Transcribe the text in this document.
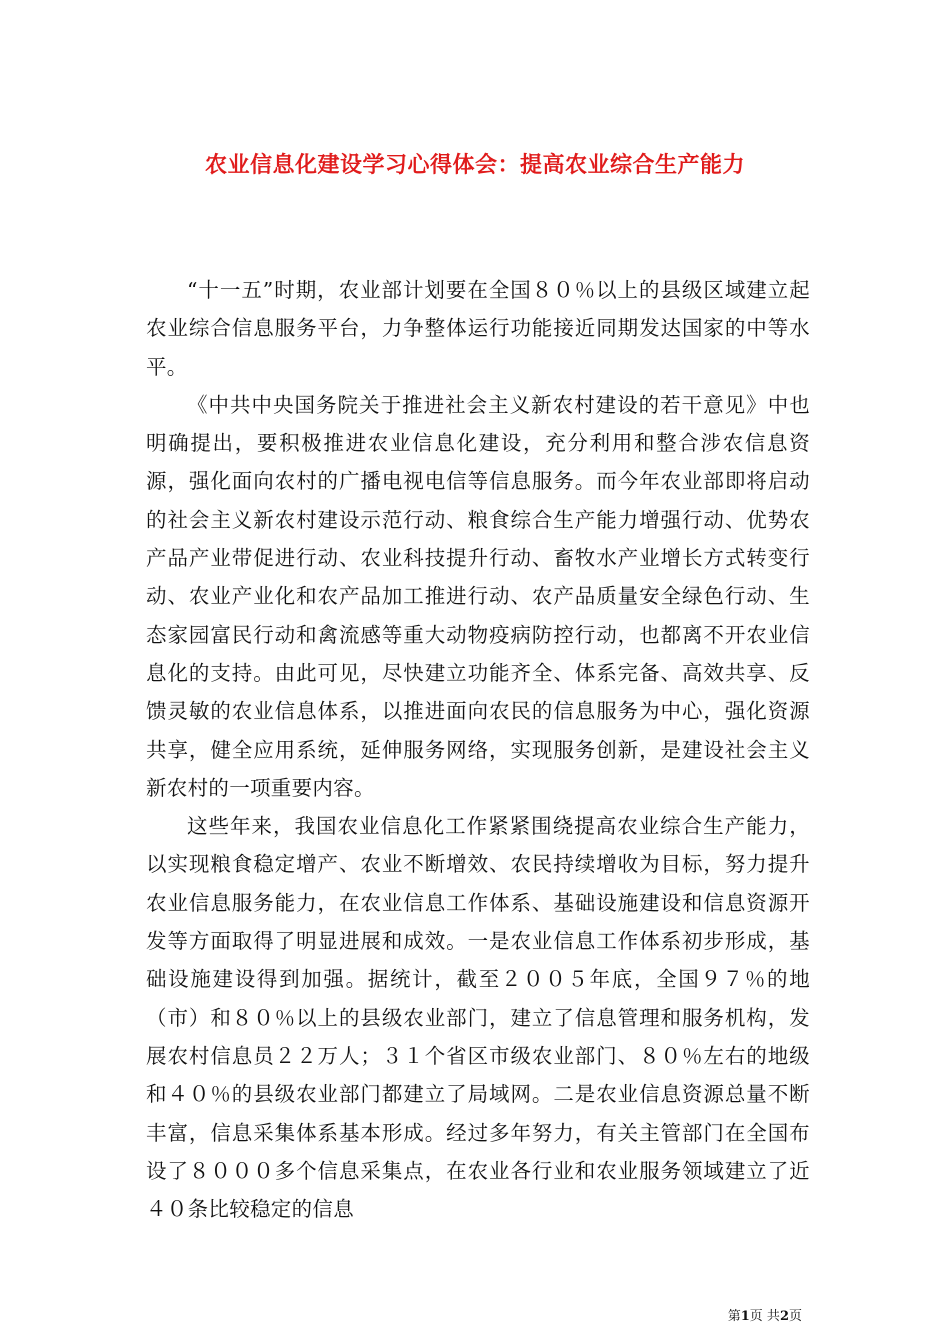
农业信息化建设学习心得体会：提高农业综合生产能力

“十一五”时期，农业部计划要在全国８０％以上的县级区域建立起农业综合信息服务平台，力争整体运行功能接近同期发达国家的中等水平。

《中共中央国务院关于推进社会主义新农村建设的若干意见》中也明确提出，要积极推进农业信息化建设，充分利用和整合涉农信息资源，强化面向农村的广播电视电信等信息服务。而今年农业部即将启动的社会主义新农村建设示范行动、粮食综合生产能力增强行动、优势农产品产业带促进行动、农业科技提升行动、畜牧水产业增长方式转变行动、农业产业化和农产品加工推进行动、农产品质量安全绿色行动、生态家园富民行动和禽流感等重大动物疫病防控行动，也都离不开农业信息化的支持。由此可见，尽快建立功能齐全、体系完备、高效共享、反馈灵敏的农业信息体系，以推进面向农民的信息服务为中心，强化资源共享，健全应用系统，延伸服务网络，实现服务创新，是建设社会主义新农村的一项重要内容。

这些年来，我国农业信息化工作紧紧围绕提高农业综合生产能力，以实现粮食稳定增产、农业不断增效、农民持续增收为目标，努力提升农业信息服务能力，在农业信息工作体系、基础设施建设和信息资源开发等方面取得了明显进展和成效。一是农业信息工作体系初步形成，基础设施建设得到加强。据统计，截至２００５年底，全国９７％的地（市）和８０％以上的县级农业部门，建立了信息管理和服务机构，发展农村信息员２２万人；３１个省区市级农业部门、８０％左右的地级和４０％的县级农业部门都建立了局域网。二是农业信息资源总量不断丰富，信息采集体系基本形成。经过多年努力，有关主管部门在全国布设了８０００多个信息采集点，在农业各行业和农业服务领域建立了近４０条比较稳定的信息

第1页 共2页
